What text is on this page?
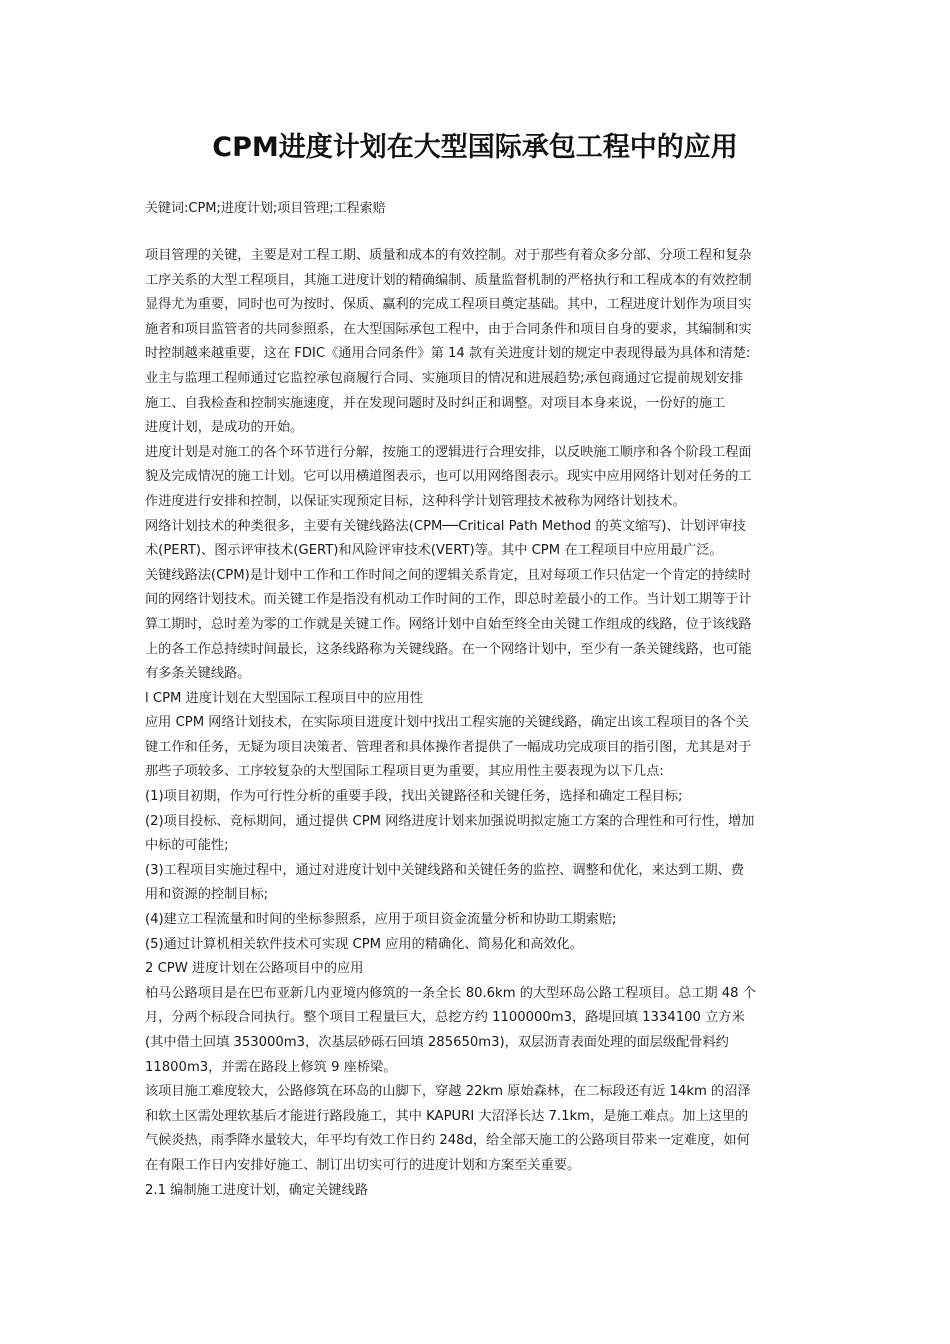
CPM进度计划在大型国际承包工程中的应用

关键词:CPM;进度计划;项目管理;工程索赔

项目管理的关键，主要是对工程工期、质量和成本的有效控制。对于那些有着众多分部、分项工程和复杂
工序关系的大型工程项目，其施工进度计划的精确编制、质量监督机制的严格执行和工程成本的有效控制
显得尤为重要，同时也可为按时、保质、赢利的完成工程项目奠定基础。其中，工程进度计划作为项目实
施者和项目监管者的共同参照系，在大型国际承包工程中，由于合同条件和项目自身的要求，其编制和实
时控制越来越重要，这在 FDIC《通用合同条件》第 14 款有关进度计划的规定中表现得最为具体和清楚:
业主与监理工程师通过它监控承包商履行合同、实施项目的情况和进展趋势;承包商通过它提前规划安排
施工、自我检查和控制实施速度，并在发现问题时及时纠正和调整。对项目本身来说，一份好的施工
进度计划，是成功的开始。
进度计划是对施工的各个环节进行分解，按施工的逻辑进行合理安排，以反映施工顺序和各个阶段工程面
貌及完成情况的施工计划。它可以用横道图表示，也可以用网络图表示。现实中应用网络计划对任务的工
作进度进行安排和控制，以保证实现预定目标，这种科学计划管理技术被称为网络计划技术。
网络计划技术的种类很多，主要有关键线路法(CPM──Critical Path Method 的英文缩写)、计划评审技
术(PERT)、图示评审技术(GERT)和风险评审技术(VERT)等。其中 CPM 在工程项目中应用最广泛。
关键线路法(CPM)是计划中工作和工作时间之间的逻辑关系肯定，且对每项工作只估定一个肯定的持续时
间的网络计划技术。而关键工作是指没有机动工作时间的工作，即总时差最小的工作。当计划工期等于计
算工期时，总时差为零的工作就是关键工作。网络计划中自始至终全由关键工作组成的线路，位于该线路
上的各工作总持续时间最长，这条线路称为关键线路。在一个网络计划中，至少有一条关键线路，也可能
有多条关键线路。
l CPM 进度计划在大型国际工程项目中的应用性
应用 CPM 网络计划技术，在实际项目进度计划中找出工程实施的关键线路，确定出该工程项目的各个关
键工作和任务，无疑为项目决策者、管理者和具体操作者提供了一幅成功完成项目的指引图，尤其是对于
那些子项较多、工序较复杂的大型国际工程项目更为重要，其应用性主要表现为以下几点:
(1)项目初期，作为可行性分析的重要手段，找出关键路径和关键任务，选择和确定工程目标;
(2)项目投标、竞标期间，通过提供 CPM 网络进度计划来加强说明拟定施工方案的合理性和可行性，增加
中标的可能性;
(3)工程项目实施过程中，通过对进度计划中关键线路和关键任务的监控、调整和优化，来达到工期、费
用和资源的控制目标;
(4)建立工程流量和时间的坐标参照系，应用于项目资金流量分析和协助工期索赔;
(5)通过计算机相关软件技术可实现 CPM 应用的精确化、简易化和高效化。
2 CPW 进度计划在公路项目中的应用
柏马公路项目是在巴布亚新几内亚境内修筑的一条全长 80.6km 的大型环岛公路工程项目。总工期 48 个
月，分两个标段合同执行。整个项目工程量巨大，总挖方约 1100000m3，路堤回填 1334100 立方米
(其中借土回填 353000m3，次基层砂砾石回填 285650m3)，双层沥青表面处理的面层级配骨料约
11800m3，并需在路段上修筑 9 座桥梁。
该项目施工难度较大，公路修筑在环岛的山脚下，穿越 22km 原始森林，在二标段还有近 14km 的沼泽
和软土区需处理软基后才能进行路段施工，其中 KAPURI 大沼泽长达 7.1km，是施工难点。加上这里的
气候炎热，雨季降水量较大，年平均有效工作日约 248d，给全部天施工的公路项目带来一定难度，如何
在有限工作日内安排好施工、制订出切实可行的进度计划和方案至关重要。
2.1 编制施工进度计划，确定关键线路
